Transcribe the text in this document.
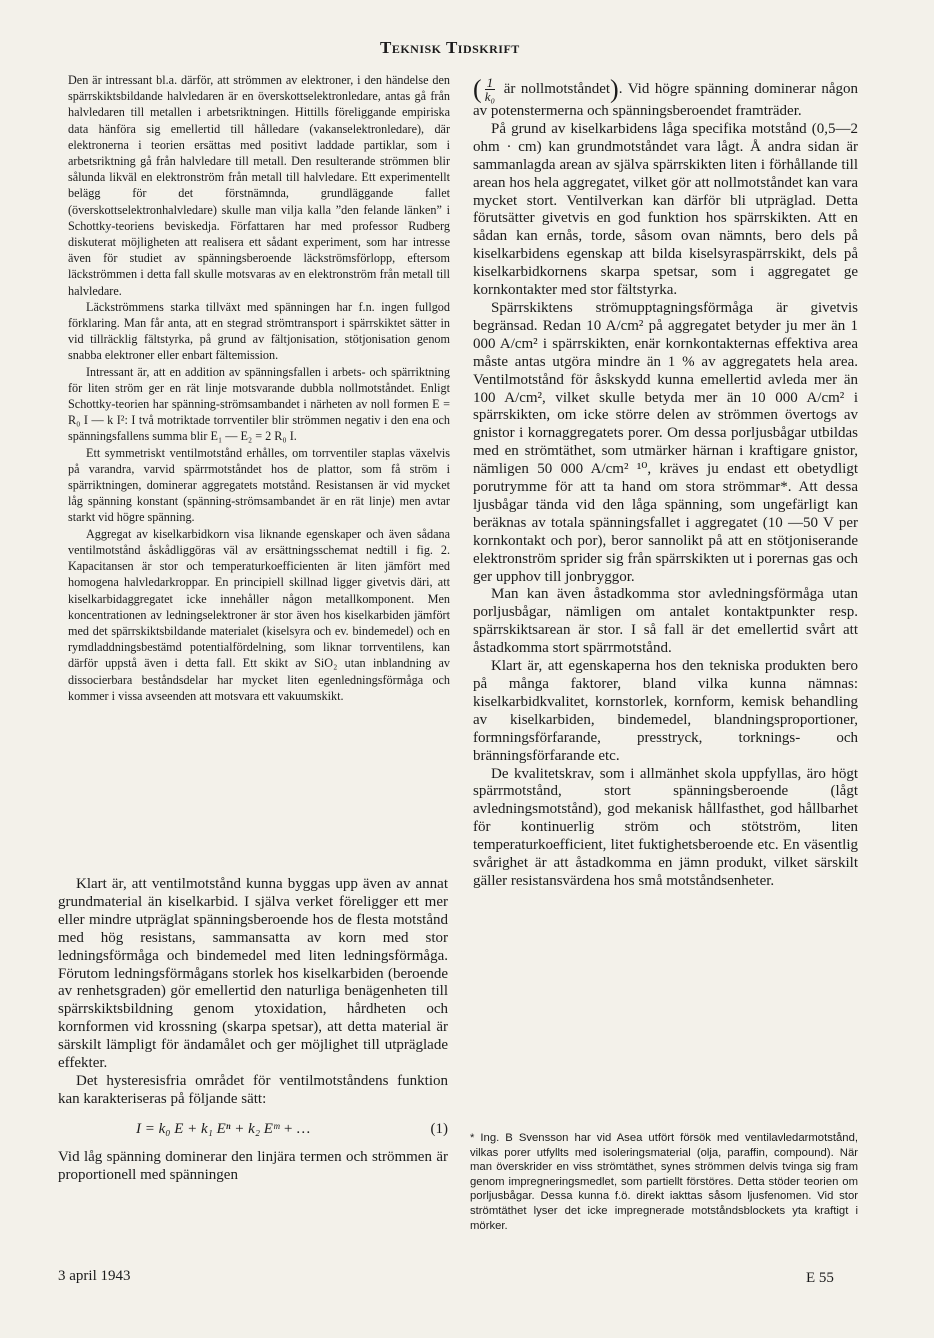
Teknisk Tidskrift

Den är intressant bl.a. därför, att strömmen av elektroner, i den händelse den spärrskiktsbildande halvledaren är en överskottselektronledare, antas gå från halvledaren till metallen i arbetsriktningen. Hittills föreliggande empiriska data hänföra sig emellertid till hålledare (vakanselektronledare), där elektronerna i teorien ersättas med positivt laddade partiklar, som i arbetsriktning gå från halvledare till metall. Den resulterande strömmen blir sålunda likväl en elektronström från metall till halvledare. Ett experimentellt belägg för det förstnämnda, grundläggande fallet (överskottselektronhalvledare) skulle man vilja kalla ”den felande länken” i Schottky-teoriens beviskedja. Författaren har med professor Rudberg diskuterat möjligheten att realisera ett sådant experiment, som har intresse även för studiet av spänningsberoende läckströmsförlopp, eftersom läckströmmen i detta fall skulle motsvaras av en elektronström från metall till halvledare.

Läckströmmens starka tillväxt med spänningen har f.n. ingen fullgod förklaring. Man får anta, att en stegrad strömtransport i spärrskiktet sätter in vid tillräcklig fältstyrka, på grund av fältjonisation, stötjonisation genom snabba elektroner eller enbart fältemission.

Intressant är, att en addition av spänningsfallen i arbets- och spärriktning för liten ström ger en rät linje motsvarande dubbla nollmotståndet. Enligt Schottky-teorien har spänning-strömsambandet i närheten av noll formen E = R₀ I — k I²: I två motriktade torrventiler blir strömmen negativ i den ena och spänningsfallens summa blir E₁ — E₂ = 2 R₀ I.

Ett symmetriskt ventilmotstånd erhålles, om torrventiler staplas växelvis på varandra, varvid spärrmotståndet hos de plattor, som få ström i spärriktningen, dominerar aggregatets motstånd. Resistansen är vid mycket låg spänning konstant (spänning-strömsambandet är en rät linje) men avtar starkt vid högre spänning.

Aggregat av kiselkarbidkorn visa liknande egenskaper och även sådana ventilmotstånd åskådliggöras väl av ersättningsschemat nedtill i fig. 2. Kapacitansen är stor och temperaturkoefficienten är liten jämfört med homogena halvledarkroppar. En principiell skillnad ligger givetvis däri, att kiselkarbidaggregatet icke innehåller någon metallkomponent. Men koncentrationen av ledningselektroner är stor även hos kiselkarbiden jämfört med det spärrskiktsbildande materialet (kiselsyra och ev. bindemedel) och en rymdladdningsbestämd potentialfördelning, som liknar torrventilens, kan därför uppstå även i detta fall. Ett skikt av SiO₂ utan inblandning av dissocierbara beståndsdelar har mycket liten egenledningsförmåga och kommer i vissa avseenden att motsvara ett vakuumskikt.

Klart är, att ventilmotstånd kunna byggas upp även av annat grundmaterial än kiselkarbid. I själva verket föreligger ett mer eller mindre utpräglat spänningsberoende hos de flesta motstånd med hög resistans, sammansatta av korn med stor ledningsförmåga och bindemedel med liten ledningsförmåga. Förutom ledningsförmågans storlek hos kiselkarbiden (beroende av renhetsgraden) gör emellertid den naturliga benägenheten till spärrskiktsbildning genom ytoxidation, hårdheten och kornformen vid krossning (skarpa spetsar), att detta material är särskilt lämpligt för ändamålet och ger möjlighet till utpräglade effekter.

Det hysteresisfria området för ventilmotståndens funktion kan karakteriseras på följande sätt:

I = k₀ E + k₁ Eⁿ + k₂ Eᵐ + …	(1)

Vid låg spänning dominerar den linjära termen och strömmen är proportionell med spänningen

( $\frac{1}{\text{k₀}}$ är nollmotståndet). Vid högre spänning dominerar någon av potenstermerna och spänningsberoendet framträder.

På grund av kiselkarbidens låga specifika motstånd (0,5—2 ohm · cm) kan grundmotståndet vara lågt. Å andra sidan är sammanlagda arean av själva spärrskikten liten i förhållande till arean hos hela aggregatet, vilket gör att nollmotståndet kan vara mycket stort. Ventilverkan kan därför bli utpräglad. Detta förutsätter givetvis en god funktion hos spärrskikten. Att en sådan kan ernås, torde, såsom ovan nämnts, bero dels på kiselkarbidens egenskap att bilda kiselsyraspärrskikt, dels på kiselkarbidkornens skarpa spetsar, som i aggregatet ge kornkontakter med stor fältstyrka.

Spärrskiktens strömupptagningsförmåga är givetvis begränsad. Redan 10 A/cm² på aggregatet betyder ju mer än 1 000 A/cm² i spärrskikten, enär kornkontakternas effektiva area måste antas utgöra mindre än 1 % av aggregatets hela area. Ventilmotstånd för åskskydd kunna emellertid avleda mer än 100 A/cm², vilket skulle betyda mer än 10 000 A/cm² i spärrskikten, om icke större delen av strömmen övertogs av gnistor i kornaggregatets porer. Om dessa porljusbågar utbildas med en strömtäthet, som utmärker härnan i kraftigare gnistor, nämligen 50 000 A/cm² ¹⁰, kräves ju endast ett obetydligt porutrymme för att ta hand om stora strömmar*. Att dessa ljusbågar tända vid den låga spänning, som ungefärligt kan beräknas av totala spänningsfallet i aggregatet (10 —50 V per kornkontakt och por), beror sannolikt på att en stötjoniserande elektronström sprider sig från spärrskikten ut i porernas gas och ger upphov till jonbryggor.

Man kan även åstadkomma stor avledningsförmåga utan porljusbågar, nämligen om antalet kontaktpunkter resp. spärrskiktsarean är stor. I så fall är det emellertid svårt att åstadkomma stort spärrmotstånd.

Klart är, att egenskaperna hos den tekniska produkten bero på många faktorer, bland vilka kunna nämnas: kiselkarbidkvalitet, kornstorlek, kornform, kemisk behandling av kiselkarbiden, bindemedel, blandningsproportioner, formningsförfarande, presstryck, torknings- och bränningsförfarande etc.

De kvalitetskrav, som i allmänhet skola uppfyllas, äro högt spärrmotstånd, stort spänningsberoende (lågt avledningsmotstånd), god mekanisk hållfasthet, god hållbarhet för kontinuerlig ström och stötström, liten temperaturkoefficient, litet fuktighetsberoende etc. En väsentlig svårighet är att åstadkomma en jämn produkt, vilket särskilt gäller resistansvärdena hos små motståndsenheter.

* Ing. B Svensson har vid Asea utfört försök med ventilavledarmotstånd, vilkas porer utfyllts med isoleringsmaterial (olja, paraffin, compound). När man överskrider en viss strömtäthet, synes strömmen delvis tvinga sig fram genom impregneringsmedlet, som partiellt förstöres. Detta stöder teorien om porljusbågar. Dessa kunna f.ö. direkt iakttas såsom ljusfenomen. Vid stor strömtäthet lyser det icke impregnerade motståndsblockets yta kraftigt i mörker.
3 april 1943	E 55
